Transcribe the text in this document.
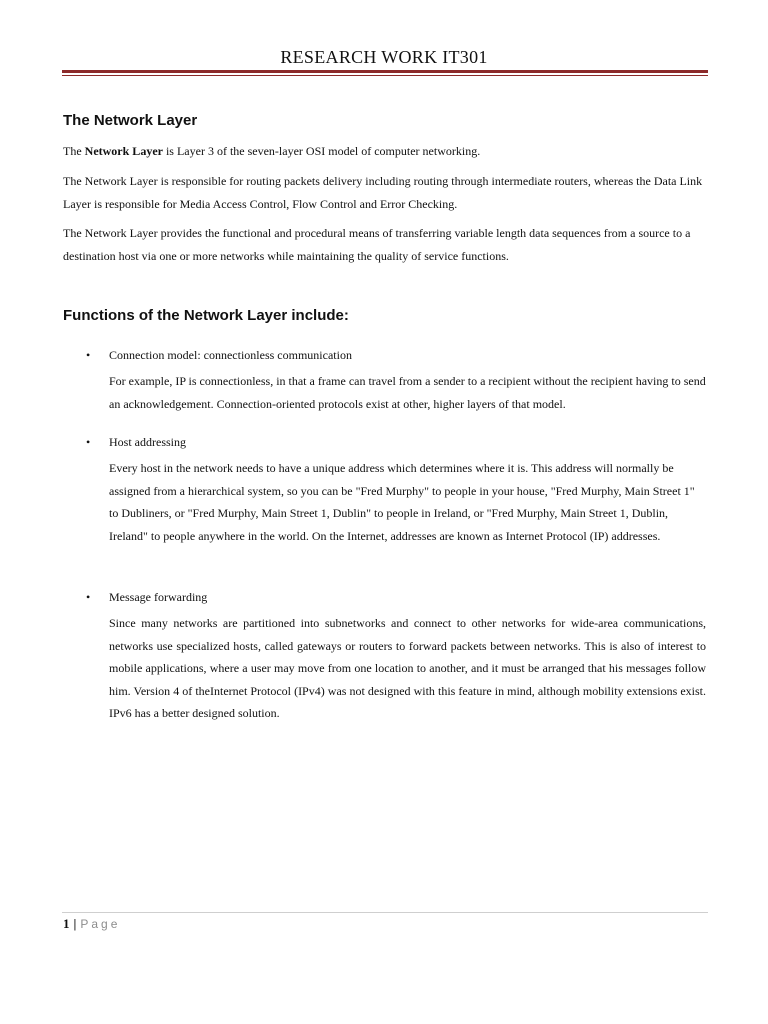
RESEARCH WORK IT301
The Network Layer
The Network Layer is Layer 3 of the seven-layer OSI model of computer networking.
The Network Layer is responsible for routing packets delivery including routing through intermediate routers, whereas the Data Link Layer is responsible for Media Access Control, Flow Control and Error Checking.
The Network Layer provides the functional and procedural means of transferring variable length data sequences from a source to a destination host via one or more networks while maintaining the quality of service functions.
Functions of the Network Layer include:
• Connection model: connectionless communication
For example, IP is connectionless, in that a frame can travel from a sender to a recipient without the recipient having to send an acknowledgement. Connection-oriented protocols exist at other, higher layers of that model.
• Host addressing
Every host in the network needs to have a unique address which determines where it is. This address will normally be assigned from a hierarchical system, so you can be "Fred Murphy" to people in your house, "Fred Murphy, Main Street 1" to Dubliners, or "Fred Murphy, Main Street 1, Dublin" to people in Ireland, or "Fred Murphy, Main Street 1, Dublin, Ireland" to people anywhere in the world. On the Internet, addresses are known as Internet Protocol (IP) addresses.
• Message forwarding
Since many networks are partitioned into subnetworks and connect to other networks for wide-area communications, networks use specialized hosts, called gateways or routers to forward packets between networks. This is also of interest to mobile applications, where a user may move from one location to another, and it must be arranged that his messages follow him. Version 4 of theInternet Protocol (IPv4) was not designed with this feature in mind, although mobility extensions exist. IPv6 has a better designed solution.
1 | Page
